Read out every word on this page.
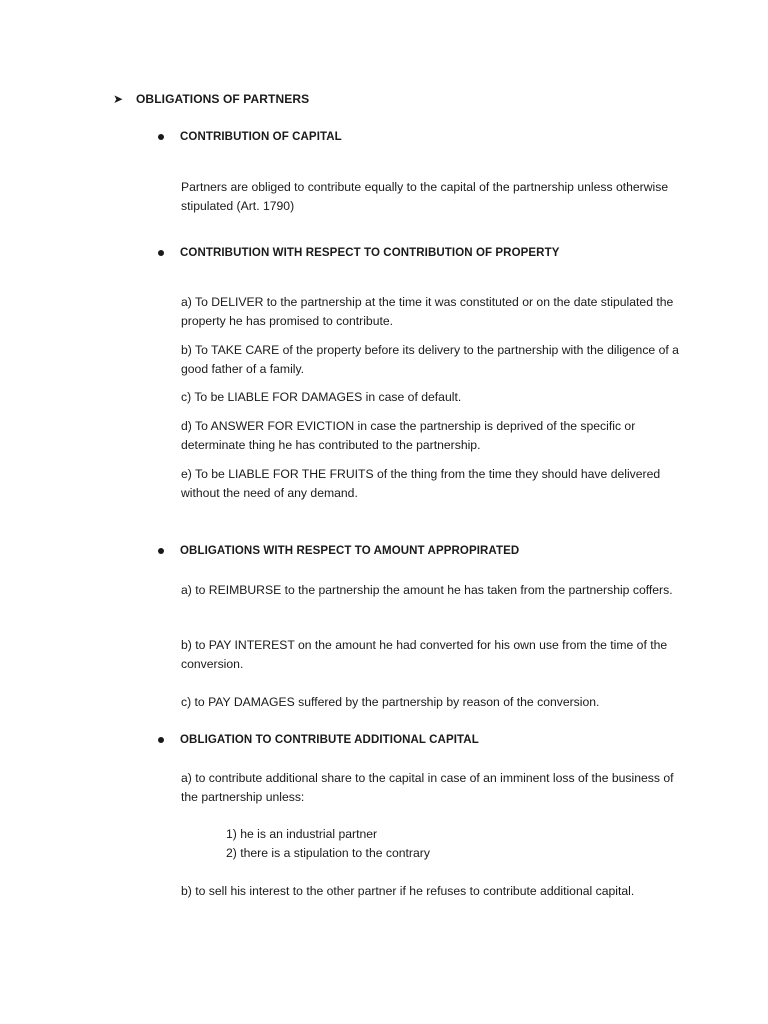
➤ OBLIGATIONS OF PARTNERS
CONTRIBUTION OF CAPITAL

Partners are obliged to contribute equally to the capital of the partnership unless otherwise stipulated (Art. 1790)

CONTRIBUTION WITH RESPECT TO CONTRIBUTION OF PROPERTY

a) To DELIVER to the partnership at the time it was constituted or on the date stipulated the property he has promised to contribute.

b) To TAKE CARE of the property before its delivery to the partnership with the diligence of a good father of a family.

c) To be LIABLE FOR DAMAGES in case of default.

d) To ANSWER FOR EVICTION in case the partnership is deprived of the specific or determinate thing he has contributed to the partnership.

e) To be LIABLE FOR THE FRUITS of the thing from the time they should have delivered without the need of any demand.

OBLIGATIONS WITH RESPECT TO AMOUNT APPROPIRATED

a) to REIMBURSE to the partnership the amount he has taken from the partnership coffers.

b) to PAY INTEREST on the amount he had converted for his own use from the time of the conversion.

c) to PAY DAMAGES suffered by the partnership by reason of the conversion.

OBLIGATION TO CONTRIBUTE ADDITIONAL CAPITAL

a) to contribute additional share to the capital in case of an imminent loss of the business of the partnership unless:

1) he is an industrial partner
2) there is a stipulation to the contrary

b) to sell his interest to the other partner if he refuses to contribute additional capital.
